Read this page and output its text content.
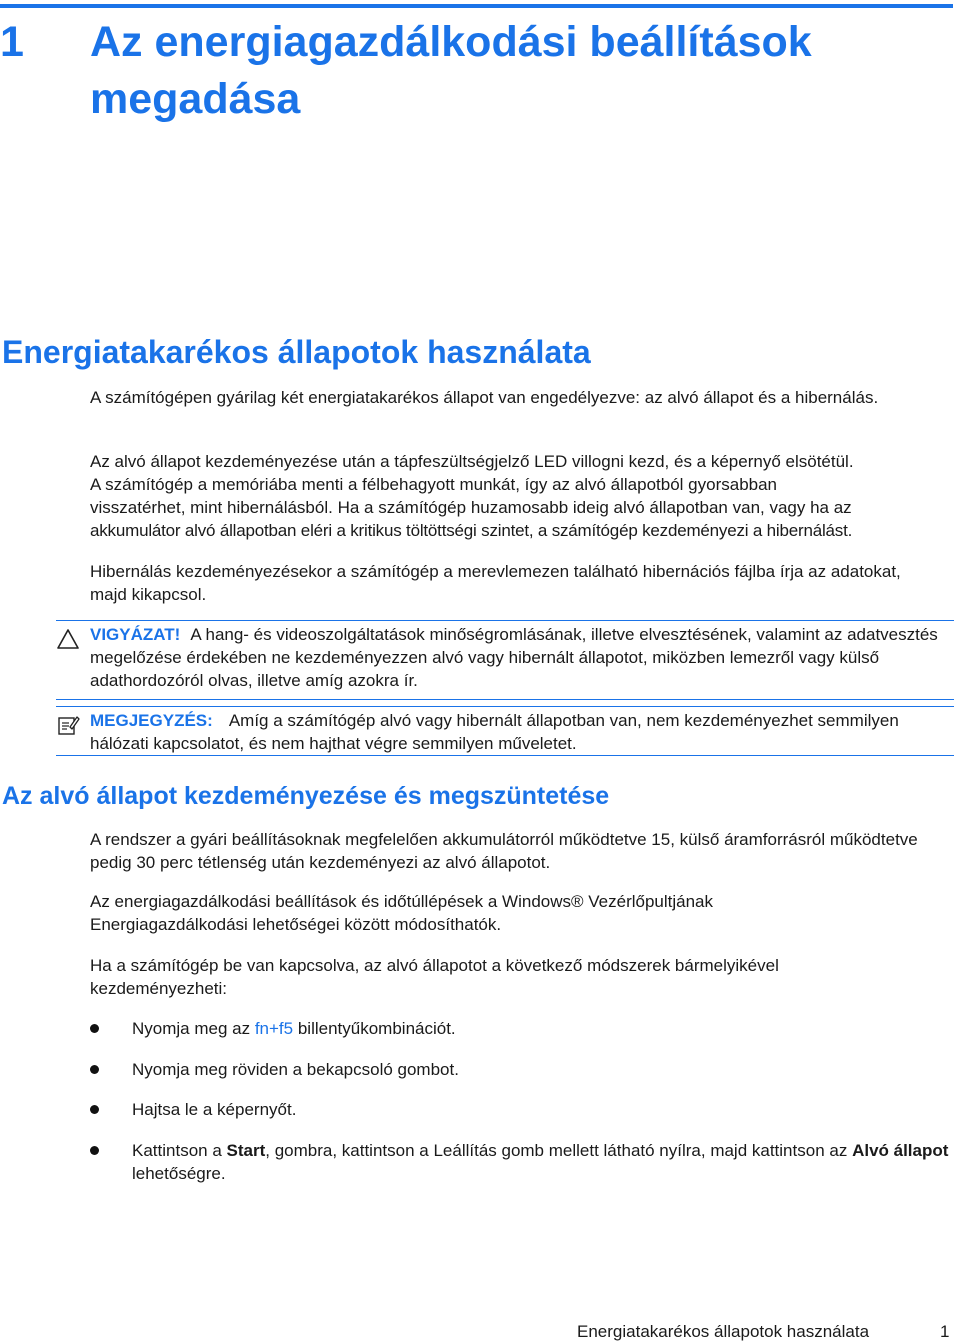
1 Az energiagazdálkodási beállítások megadása
Energiatakarékos állapotok használata

A számítógépen gyárilag két energiatakarékos állapot van engedélyezve: az alvó állapot és a hibernálás.

Az alvó állapot kezdeményezése után a tápfeszültségjelző LED villogni kezd, és a képernyő elsötétül.
A számítógép a memóriába menti a félbehagyott munkát, így az alvó állapotból gyorsabban
visszatérhet, mint hibernálásból. Ha a számítógép huzamosabb ideig alvó állapotban van, vagy ha az
akkumulátor alvó állapotban eléri a kritikus töltöttségi szintet, a számítógép kezdeményezi a hibernálást.

Hibernálás kezdeményezésekor a számítógép a merevlemezen található hibernációs fájlba írja az adatokat, majd kikapcsol.

VIGYÁZAT! A hang- és videoszolgáltatások minőségromlásának, illetve elvesztésének, valamint az adatvesztés megelőzése érdekében ne kezdeményezzen alvó vagy hibernált állapotot, miközben lemezről vagy külső adathordozóról olvas, illetve amíg azokra ír.
MEGJEGYZÉS: Amíg a számítógép alvó vagy hibernált állapotban van, nem kezdeményezhet semmilyen hálózati kapcsolatot, és nem hajthat végre semmilyen műveletet.
Az alvó állapot kezdeményezése és megszüntetése

A rendszer a gyári beállításoknak megfelelően akkumulátorról működtetve 15, külső áramforrásról működtetve pedig 30 perc tétlenség után kezdeményezi az alvó állapotot.

Az energiagazdálkodási beállítások és időtúllépések a Windows® Vezérlőpultjának Energiagazdálkodási lehetőségei között módosíthatók.

Ha a számítógép be van kapcsolva, az alvó állapotot a következő módszerek bármelyikével kezdeményezheti:

Nyomja meg az fn+f5 billentyűkombinációt.
Nyomja meg röviden a bekapcsoló gombot.
Hajtsa le a képernyőt.
Kattintson a Start, gombra, kattintson a Leállítás gomb mellett látható nyílra, majd kattintson az Alvó állapot lehetőségre.
Energiatakarékos állapotok használata	1
